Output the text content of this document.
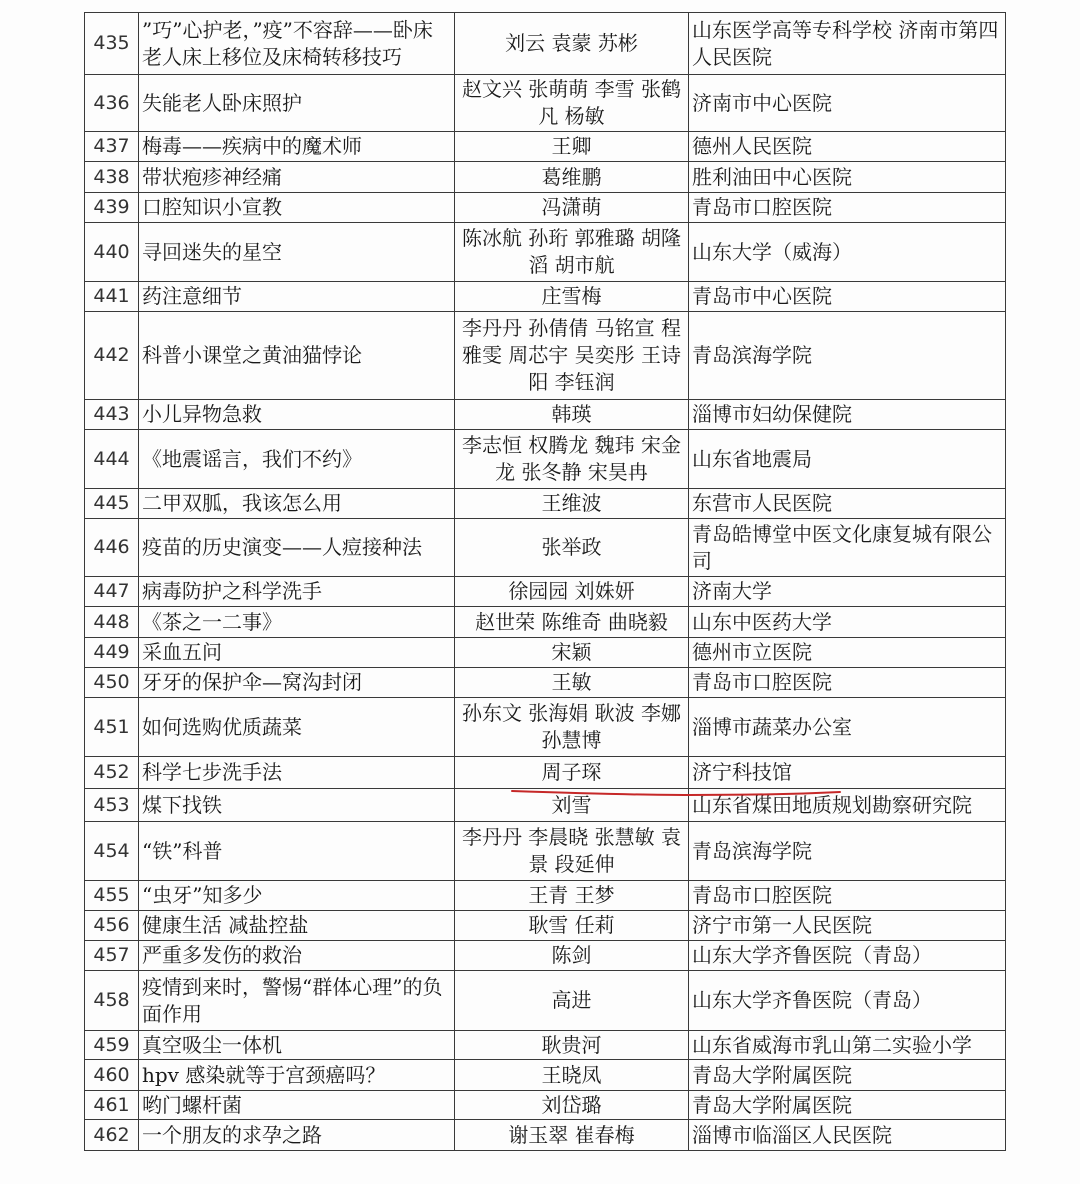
435	”巧”心护老，”疫”不容辞——卧床老人床上移位及床椅转移技巧	刘云 袁蒙 苏彬	山东医学高等专科学校 济南市第四人民医院
436	失能老人卧床照护	赵文兴 张萌萌 李雪 张鹤凡 杨敏	济南市中心医院
437	梅毒——疾病中的魔术师	王卿	德州人民医院
438	带状疱疹神经痛	葛维鹏	胜利油田中心医院
439	口腔知识小宣教	冯潇萌	青岛市口腔医院
440	寻回迷失的星空	陈冰航 孙珩 郭雅璐 胡隆滔 胡市航	山东大学（威海）
441	药注意细节	庄雪梅	青岛市中心医院
442	科普小课堂之黄油猫悖论	李丹丹 孙倩倩 马铭宣 程雅雯 周芯宇 吴奕彤 王诗阳 李钰润	青岛滨海学院
443	小儿异物急救	韩瑛	淄博市妇幼保健院
444	《地震谣言，我们不约》	李志恒 权腾龙 魏玮 宋金龙 张冬静 宋昊冉	山东省地震局
445	二甲双胍，我该怎么用	王维波	东营市人民医院
446	疫苗的历史演变——人痘接种法	张举政	青岛皓博堂中医文化康复城有限公司
447	病毒防护之科学洗手	徐园园 刘姝妍	济南大学
448	《茶之一二事》	赵世荣 陈维奇 曲晓毅	山东中医药大学
449	采血五问	宋颖	德州市立医院
450	牙牙的保护伞—窝沟封闭	王敏	青岛市口腔医院
451	如何选购优质蔬菜	孙东文 张海娟 耿波 李娜 孙慧博	淄博市蔬菜办公室
452	科学七步洗手法	周子琛	济宁科技馆
453	煤下找铁	刘雪	山东省煤田地质规划勘察研究院
454	“铁”科普	李丹丹 李晨晓 张慧敏 袁景 段延伸	青岛滨海学院
455	“虫牙”知多少	王青 王梦	青岛市口腔医院
456	健康生活 减盐控盐	耿雪 任莉	济宁市第一人民医院
457	严重多发伤的救治	陈剑	山东大学齐鲁医院（青岛）
458	疫情到来时，警惕“群体心理”的负面作用	高进	山东大学齐鲁医院（青岛）
459	真空吸尘一体机	耿贵河	山东省威海市乳山第二实验小学
460	hpv 感染就等于宫颈癌吗？	王晓凤	青岛大学附属医院
461	哟门螺杆菌	刘岱璐	青岛大学附属医院
462	一个朋友的求孕之路	谢玉翠 崔春梅	淄博市临淄区人民医院
